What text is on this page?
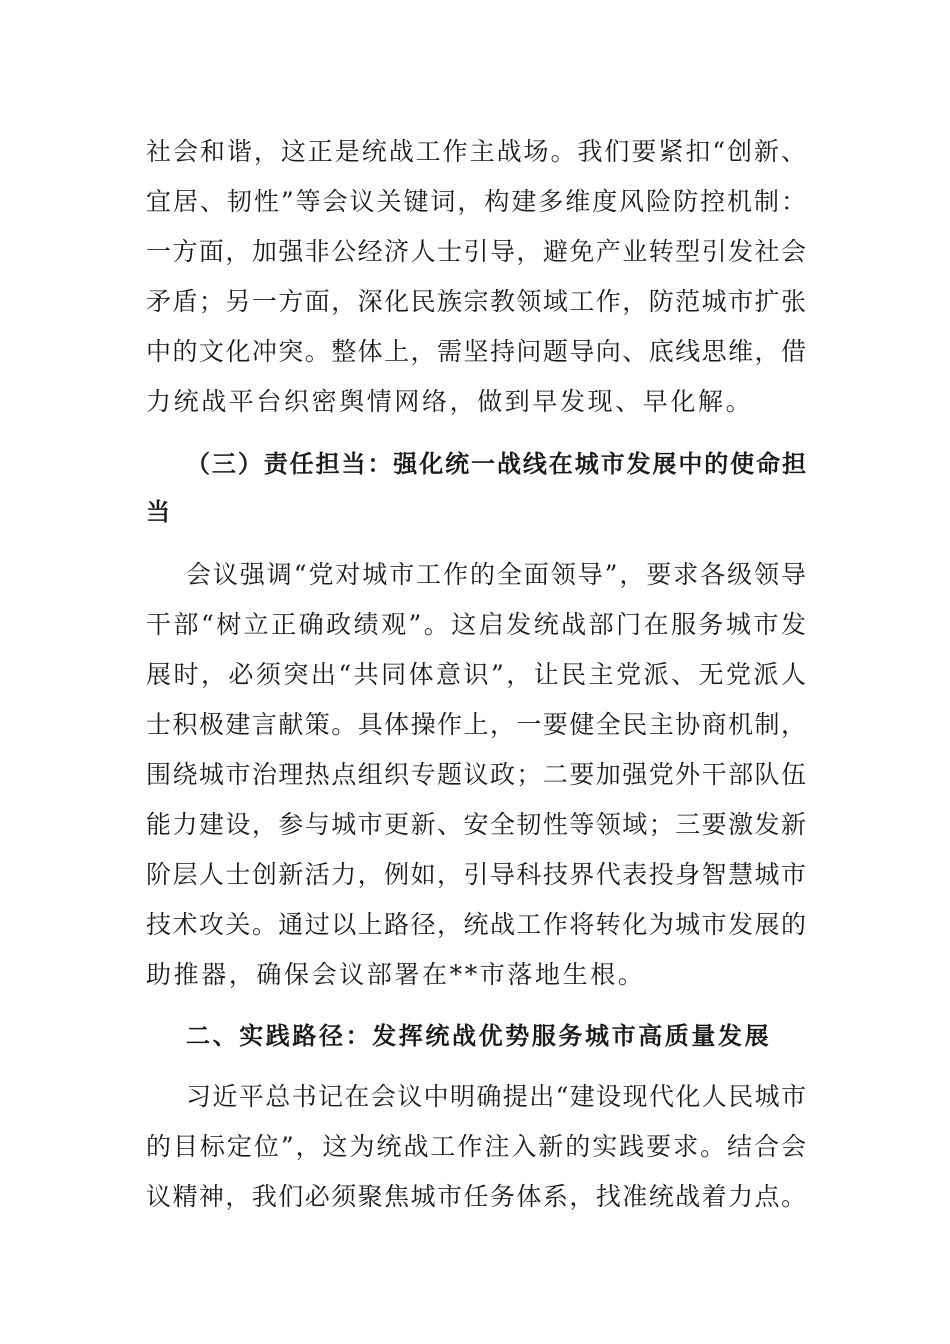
社会和谐，这正是统战工作主战场。我们要紧扣“创新、
宜居、韧性”等会议关键词，构建多维度风险防控机制：
一方面，加强非公经济人士引导，避免产业转型引发社会
矛盾；另一方面，深化民族宗教领域工作，防范城市扩张
中的文化冲突。整体上，需坚持问题导向、底线思维，借
力统战平台织密舆情网络，做到早发现、早化解。
（三）责任担当：强化统一战线在城市发展中的使命担
当
会议强调“党对城市工作的全面领导”，要求各级领导
干部“树立正确政绩观”。这启发统战部门在服务城市发
展时，必须突出“共同体意识”，让民主党派、无党派人
士积极建言献策。具体操作上，一要健全民主协商机制，
围绕城市治理热点组织专题议政；二要加强党外干部队伍
能力建设，参与城市更新、安全韧性等领域；三要激发新
阶层人士创新活力，例如，引导科技界代表投身智慧城市
技术攻关。通过以上路径，统战工作将转化为城市发展的
助推器，确保会议部署在**市落地生根。
二、实践路径：发挥统战优势服务城市高质量发展
习近平总书记在会议中明确提出“建设现代化人民城市
的目标定位”，这为统战工作注入新的实践要求。结合会
议精神，我们必须聚焦城市任务体系，找准统战着力点。
